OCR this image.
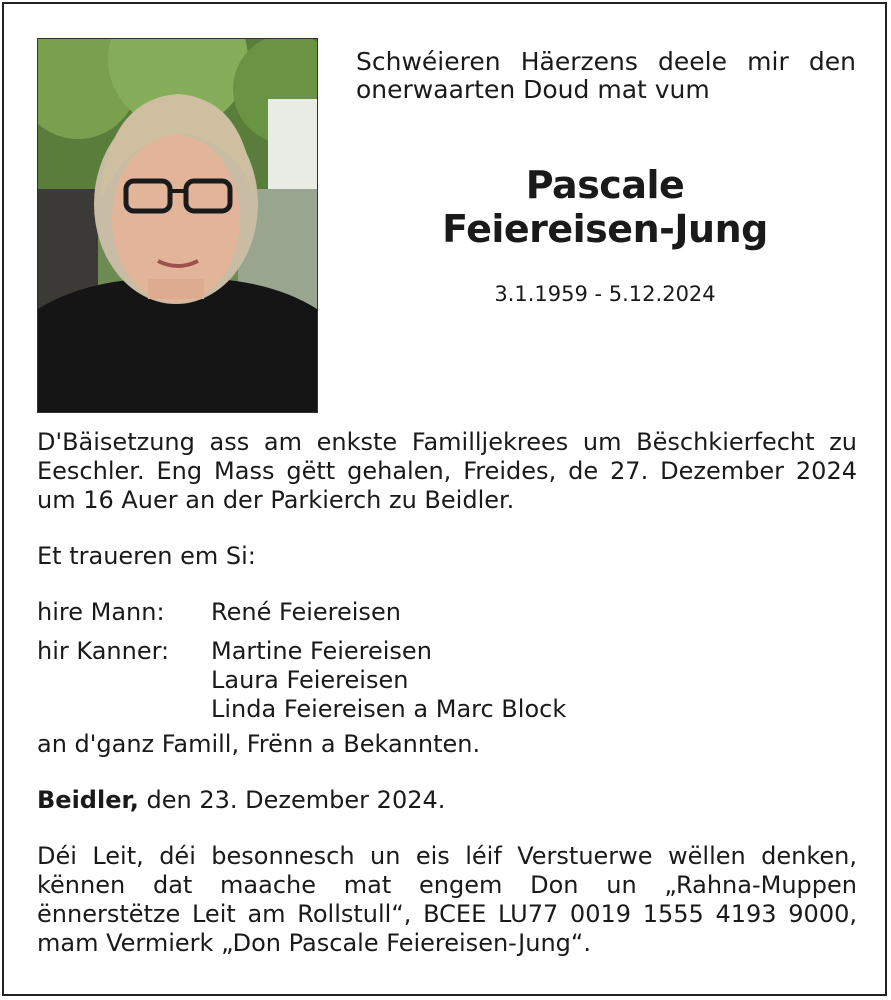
Schwéieren Häerzens deele mir den onerwaarten Doud mat vum
Pascale
Feiereisen-Jung
3.1.1959 - 5.12.2024

D'Bäisetzung ass am enkste Familljekrees um Bëschkierfecht zu Eeschler. Eng Mass gëtt gehalen, Freides, de 27. Dezember 2024 um 16 Auer an der Parkierch zu Beidler.

Et traueren em Si:

hire Mann:	René Feiereisen
hir Kanner:	Martine Feiereisen
Laura Feiereisen
Linda Feiereisen a Marc Block

an d'ganz Famill, Frënn a Bekannten.

Beidler, den 23. Dezember 2024.

Déi Leit, déi besonnesch un eis léif Verstuerwe wëllen denken, kënnen dat maache mat engem Don un „Rahna-Muppen ënnerstëtze Leit am Rollstull“, BCEE LU77 0019 1555 4193 9000, mam Vermierk „Don Pascale Feiereisen-Jung“.
